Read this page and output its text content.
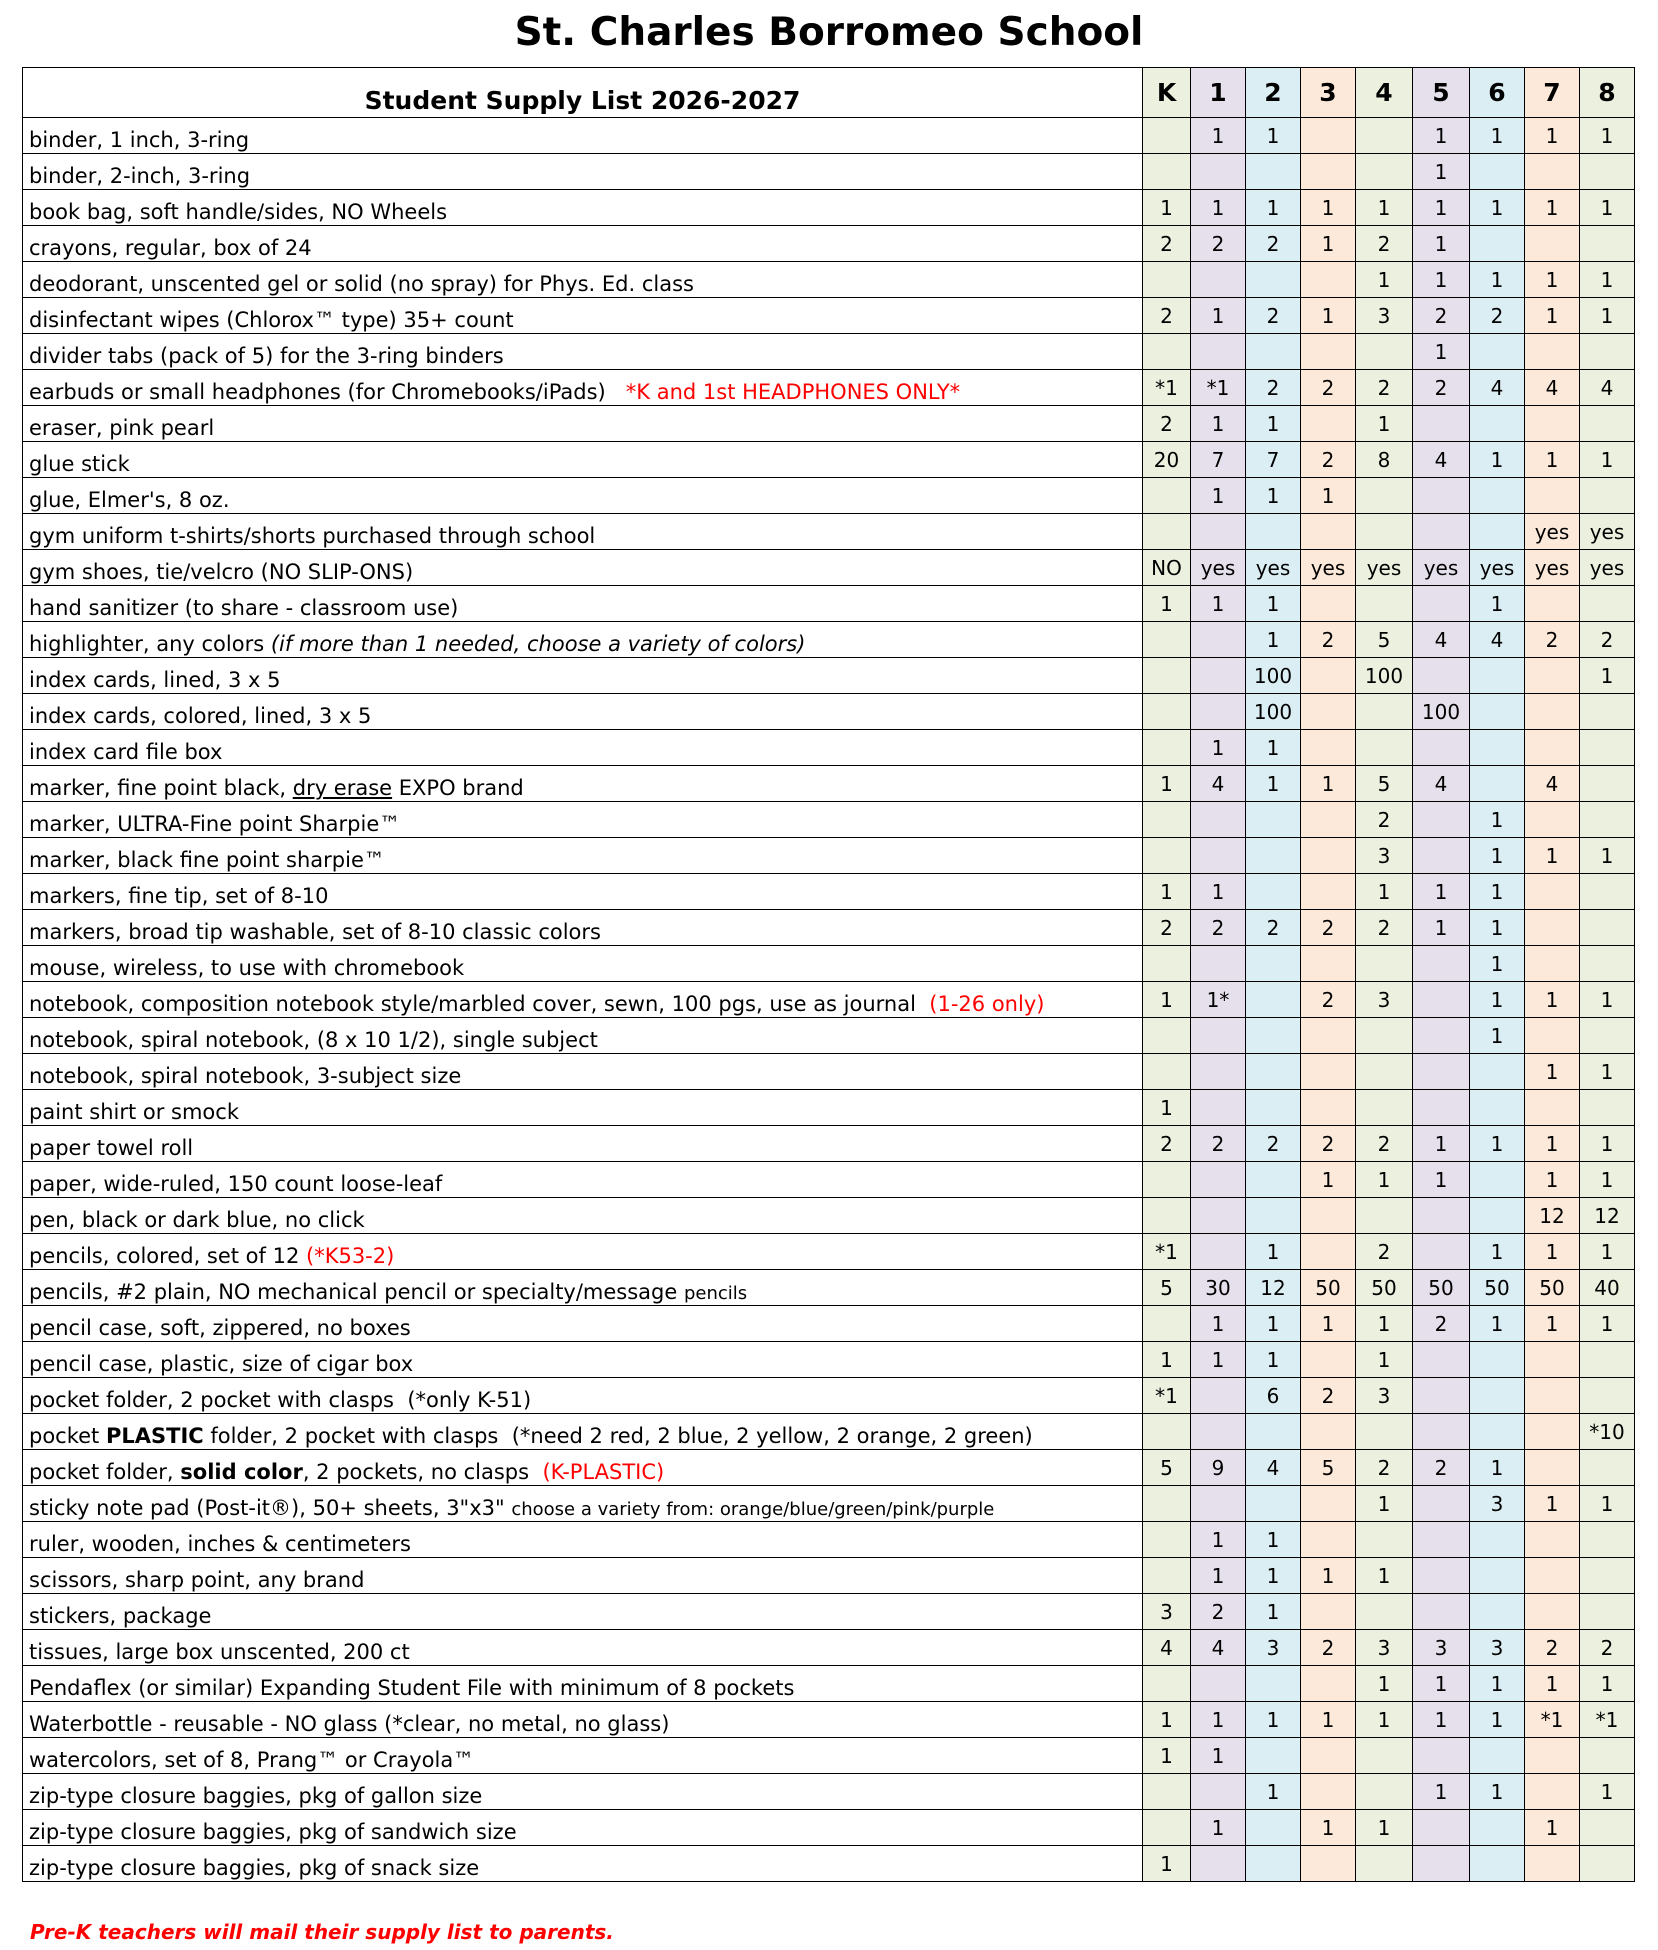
St. Charles Borromeo School
Student Supply List 2026-2027	K	1	2	3	4	5	6	7	8
binder, 1 inch, 3-ring		1	1			1	1	1	1
binder, 2-inch, 3-ring						1			
book bag, soft handle/sides, NO Wheels	1	1	1	1	1	1	1	1	1
crayons, regular, box of 24	2	2	2	1	2	1			
deodorant, unscented gel or solid (no spray) for Phys. Ed. class					1	1	1	1	1
disinfectant wipes (Chlorox™ type) 35+ count	2	1	2	1	3	2	2	1	1
divider tabs (pack of 5) for the 3-ring binders						1			
earbuds or small headphones (for Chromebooks/iPads)   *K and 1st HEADPHONES ONLY*	*1	*1	2	2	2	2	4	4	4
eraser, pink pearl	2	1	1		1				
glue stick	20	7	7	2	8	4	1	1	1
glue, Elmer's, 8 oz.		1	1	1					
gym uniform t-shirts/shorts purchased through school								yes	yes
gym shoes, tie/velcro (NO SLIP-ONS)	NO	yes	yes	yes	yes	yes	yes	yes	yes
hand sanitizer (to share - classroom use)	1	1	1				1		
highlighter, any colors (if more than 1 needed, choose a variety of colors)			1	2	5	4	4	2	2
index cards, lined, 3 x 5			100		100				1
index cards, colored, lined, 3 x 5			100			100			
index card file box		1	1						
marker, fine point black, dry erase EXPO brand	1	4	1	1	5	4		4	
marker, ULTRA-Fine point Sharpie™					2		1		
marker, black fine point sharpie™					3		1	1	1
markers, fine tip, set of 8-10	1	1			1	1	1		
markers, broad tip washable, set of 8-10 classic colors	2	2	2	2	2	1	1		
mouse, wireless, to use with chromebook							1		
notebook, composition notebook style/marbled cover, sewn, 100 pgs, use as journal  (1-26 only)	1	1*		2	3		1	1	1
notebook, spiral notebook, (8 x 10 1/2), single subject							1		
notebook, spiral notebook, 3-subject size								1	1
paint shirt or smock	1								
paper towel roll	2	2	2	2	2	1	1	1	1
paper, wide-ruled, 150 count loose-leaf				1	1	1		1	1
pen, black or dark blue, no click								12	12
pencils, colored, set of 12 (*K53-2)	*1		1		2		1	1	1
pencils, #2 plain, NO mechanical pencil or specialty/message pencils	5	30	12	50	50	50	50	50	40
pencil case, soft, zippered, no boxes		1	1	1	1	2	1	1	1
pencil case, plastic, size of cigar box	1	1	1		1				
pocket folder, 2 pocket with clasps  (*only K-51)	*1		6	2	3				
pocket PLASTIC folder, 2 pocket with clasps  (*need 2 red, 2 blue, 2 yellow, 2 orange, 2 green)									*10
pocket folder, solid color, 2 pockets, no clasps  (K-PLASTIC)	5	9	4	5	2	2	1		
sticky note pad (Post-it®), 50+ sheets, 3"x3" choose a variety from: orange/blue/green/pink/purple					1		3	1	1
ruler, wooden, inches & centimeters		1	1						
scissors, sharp point, any brand		1	1	1	1				
stickers, package	3	2	1						
tissues, large box unscented, 200 ct	4	4	3	2	3	3	3	2	2
Pendaflex (or similar) Expanding Student File with minimum of 8 pockets					1	1	1	1	1
Waterbottle - reusable - NO glass (*clear, no metal, no glass)	1	1	1	1	1	1	1	*1	*1
watercolors, set of 8, Prang™ or Crayola™	1	1							
zip-type closure baggies, pkg of gallon size			1			1	1		1
zip-type closure baggies, pkg of sandwich size		1		1	1			1	
zip-type closure baggies, pkg of snack size	1								
Pre-K teachers will mail their supply list to parents.
